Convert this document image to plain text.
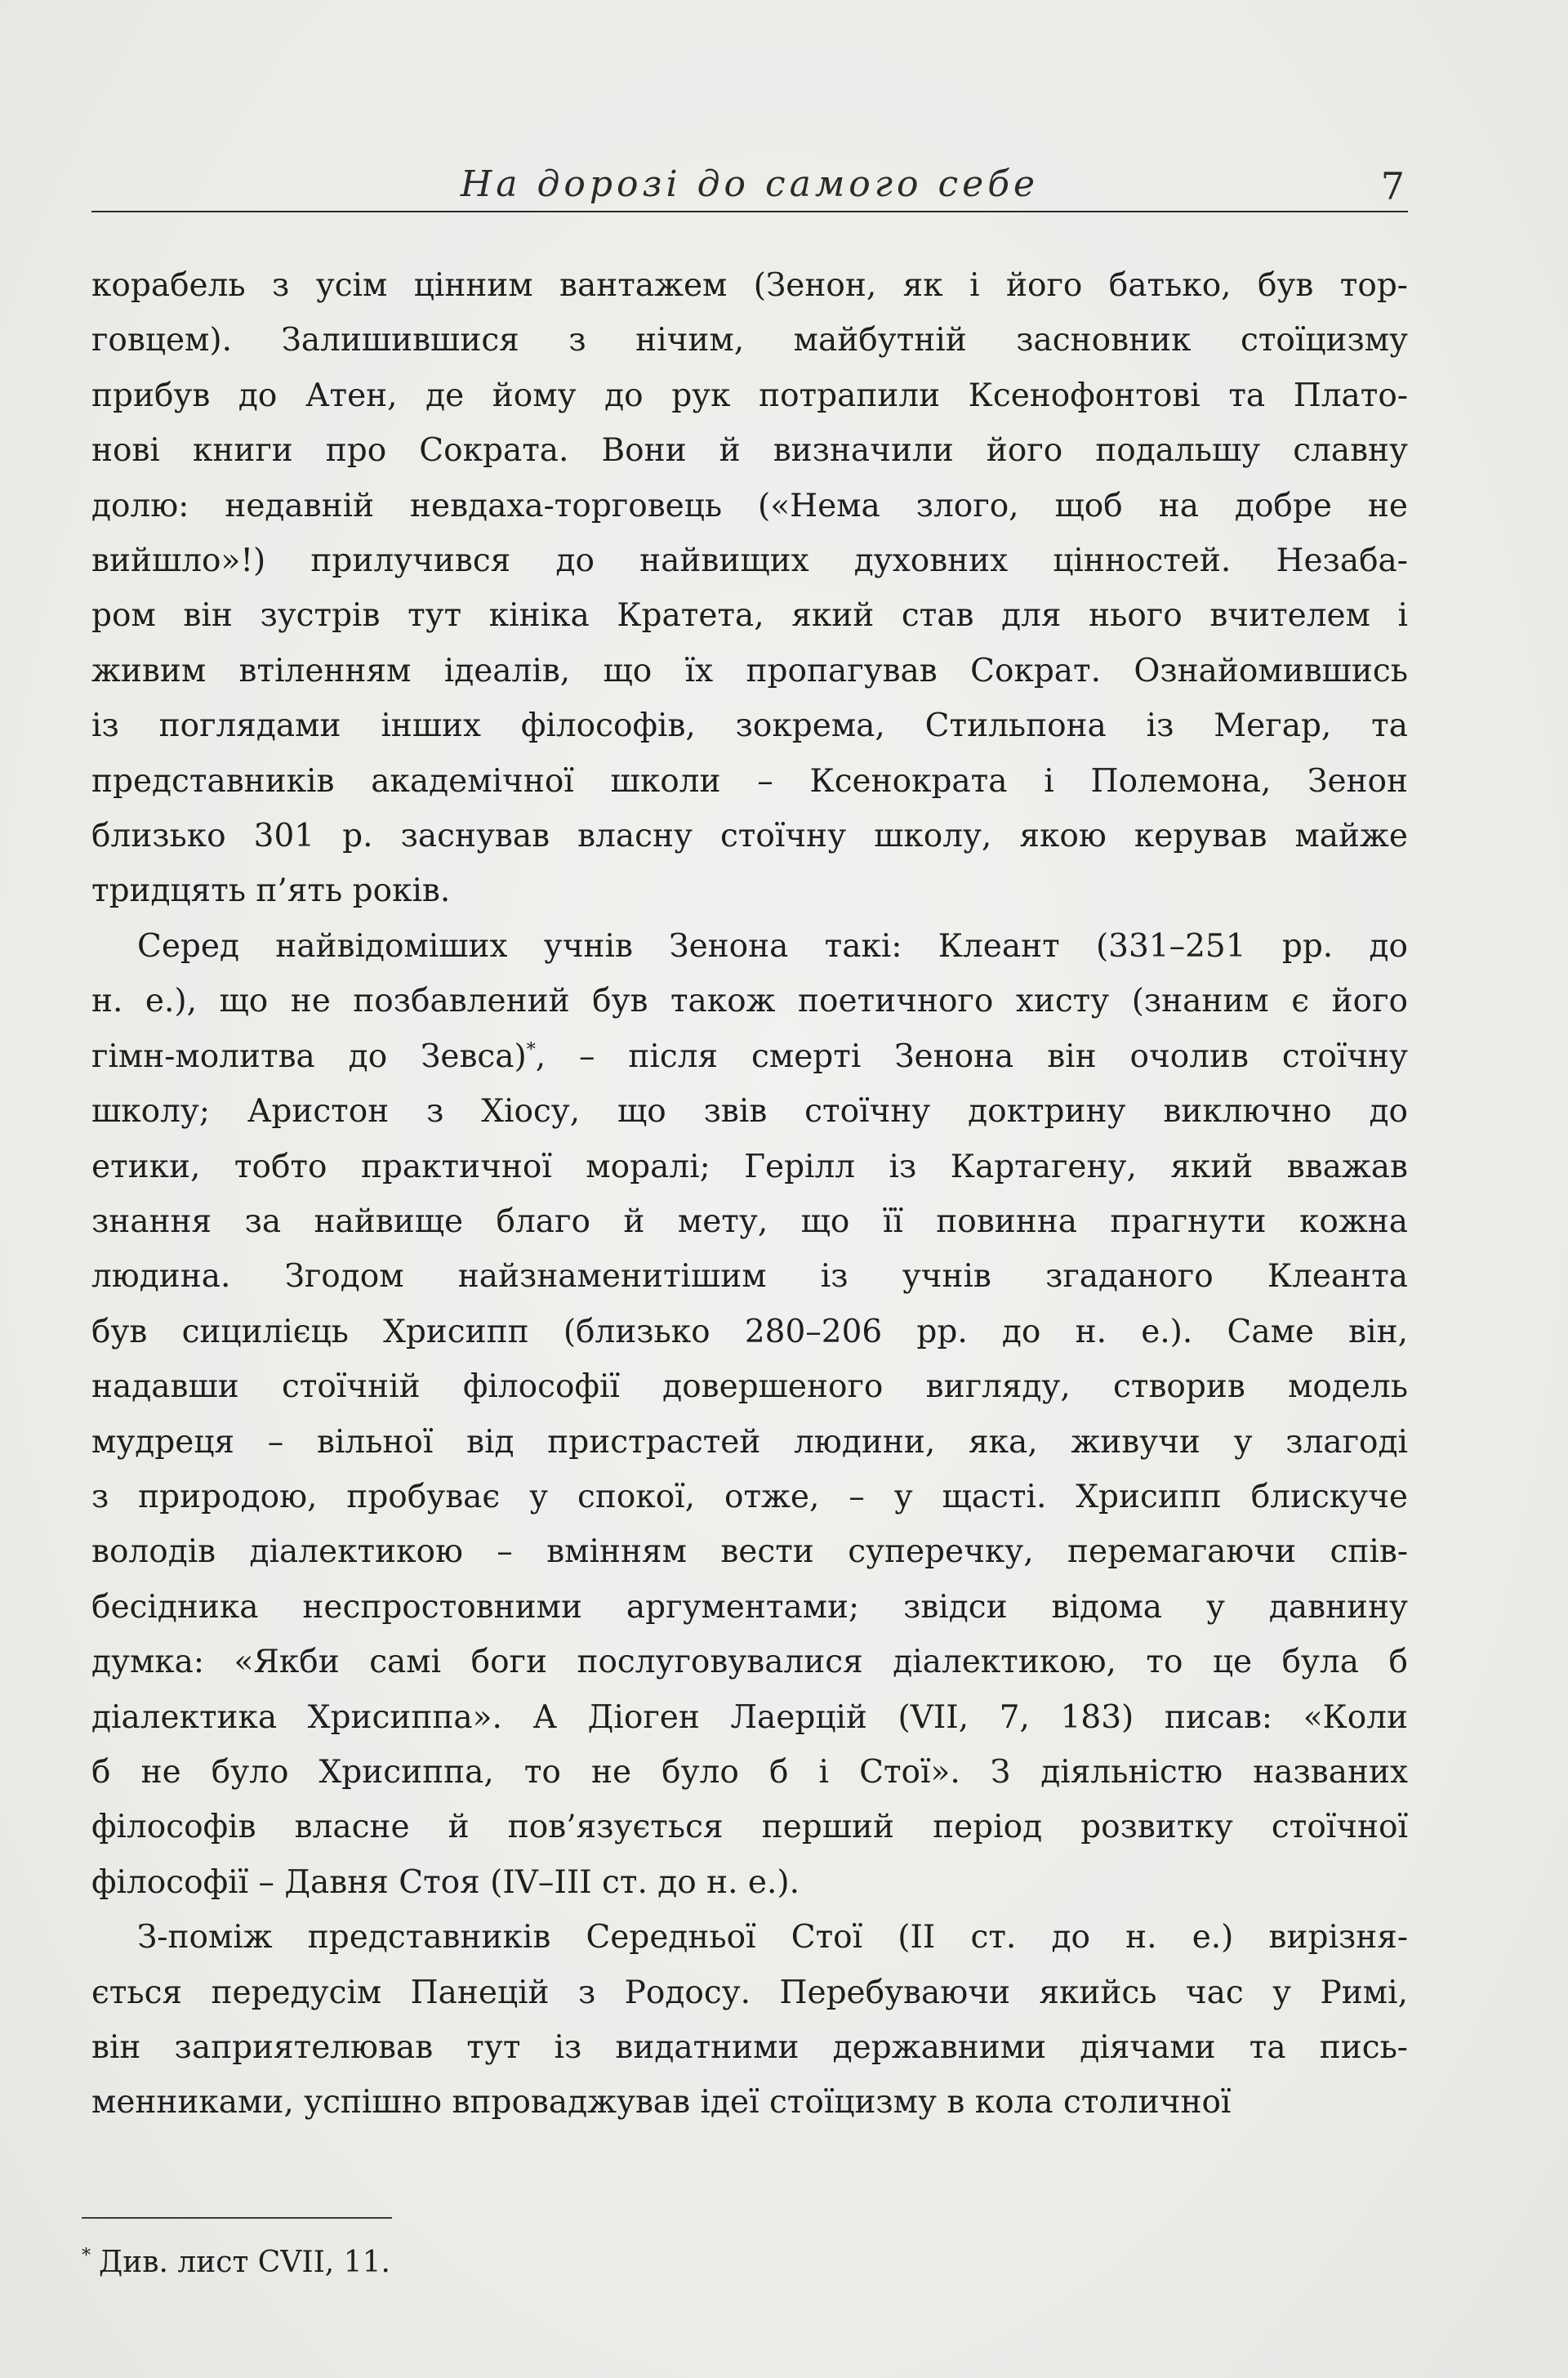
На дорозі до самого себе	7

корабель з усім цінним вантажем (Зенон, як і його батько, був тор-
говцем). Залишившися з нічим, майбутній засновник стоїцизму
прибув до Атен, де йому до рук потрапили Ксенофонтові та Плато-
нові книги про Сократа. Вони й визначили його подальшу славну
долю: недавній невдаха-торговець («Нема злого, щоб на добре не
вийшло»!) прилучився до найвищих духовних цінностей. Незаба-
ром він зустрів тут кініка Кратета, який став для нього вчителем і
живим втіленням ідеалів, що їх пропагував Сократ. Ознайомившись
із поглядами інших філософів, зокрема, Стильпона із Мегар, та
представників академічної школи – Ксенократа і Полемона, Зенон
близько 301 р. заснував власну стоїчну школу, якою керував майже
тридцять п’ять років.

Серед найвідоміших учнів Зенона такі: Клеант (331–251 рр. до
н. е.), що не позбавлений був також поетичного хисту (знаним є його
гімн-молитва до Зевса)*, – після смерті Зенона він очолив стоїчну
школу; Аристон з Хіосу, що звів стоїчну доктрину виключно до
етики, тобто практичної моралі; Герілл із Картагену, який вважав
знання за найвище благо й мету, що її повинна прагнути кожна
людина. Згодом найзнаменитішим із учнів згаданого Клеанта
був сицилієць Хрисипп (близько 280–206 рр. до н. е.). Саме він,
надавши стоїчній філософії довершеного вигляду, створив модель
мудреця – вільної від пристрастей людини, яка, живучи у злагоді
з природою, пробуває у спокої, отже, – у щасті. Хрисипп блискуче
володів діалектикою – вмінням вести суперечку, перемагаючи спів-
бесідника неспростовними аргументами; звідси відома у давнину
думка: «Якби самі боги послуговувалися діалектикою, то це була б
діалектика Хрисиппа». А Діоген Лаерцій (VII, 7, 183) писав: «Коли
б не було Хрисиппа, то не було б і Стої». З діяльністю названих
філософів власне й пов’язується перший період розвитку стоїчної
філософії – Давня Стоя (IV–III ст. до н. е.).

З-поміж представників Середньої Стої (II ст. до н. е.) вирізня-
ється передусім Панецій з Родосу. Перебуваючи якийсь час у Римі,
він заприятелював тут із видатними державними діячами та пись-
менниками, успішно впроваджував ідеї стоїцизму в кола столичної

* Див. лист CVII, 11.
